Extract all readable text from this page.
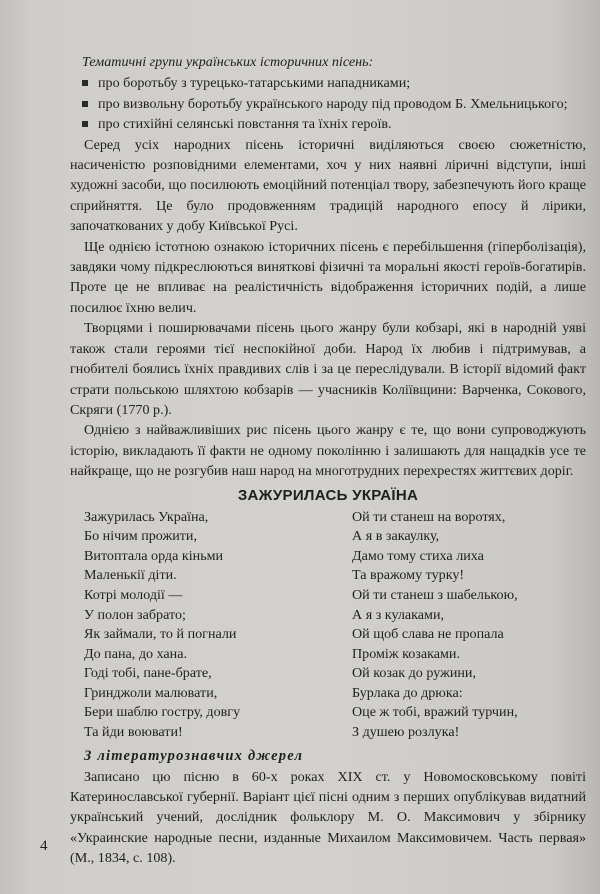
Тематичні групи українських історичних пісень:
про боротьбу з турецько-татарськими нападниками;
про визвольну боротьбу українського народу під проводом Б. Хмельницького;
про стихійні селянські повстання та їхніх героїв.

Серед усіх народних пісень історичні виділяються своєю сюжетністю, насиченістю розповідними елементами, хоч у них наявні ліричні відступи, інші художні засоби, що посилюють емоційний потенціал твору, забезпечують його краще сприйняття. Це було продовженням традицій народного епосу й лірики, започаткованих у добу Київської Русі.

Ще однією істотною ознакою історичних пісень є перебільшення (гіперболізація), завдяки чому підкреслюються виняткові фізичні та моральні якості героїв-богатирів. Проте це не впливає на реалістичність відображення історичних подій, а лише посилює їхню велич.

Творцями і поширювачами пісень цього жанру були кобзарі, які в народній уяві також стали героями тієї неспокійної доби. Народ їх любив і підтримував, а гнобителі боялись їхніх правдивих слів і за це переслідували. В історії відомий факт страти польською шляхтою кобзарів — учасників Коліївщини: Варченка, Сокового, Скряги (1770 р.).

Однією з найважливіших рис пісень цього жанру є те, що вони супроводжують історію, викладають її факти не одному поколінню і залишають для нащадків усе те найкраще, що не розгубив наш народ на многотрудних перехрестях життєвих доріг.

ЗАЖУРИЛАСЬ УКРАЇНА
Зажурилась Україна,
Бо нічим прожити,
Витоптала орда кіньми
Маленькії діти.
Котрі молодії —
У полон забрато;
Як займали, то й погнали
До пана, до хана.
Годі тобі, пане-брате,
Гринджоли малювати,
Бери шаблю гостру, довгу
Та йди воювати!
Ой ти станеш на воротях,
А я в закаулку,
Дамо тому стиха лиха
Та вражому турку!
Ой ти станеш з шабелькою,
А я з кулаками,
Ой щоб слава не пропала
Проміж козаками.
Ой козак до ружини,
Бурлака до дрюка:
Оце ж тобі, вражий турчин,
З душею розлука!
З літературознавчих джерел

Записано цю пісню в 60-х роках XIX ст. у Новомосковському повіті Катеринославської губернії. Варіант цієї пісні одним з перших опублікував видатний український учений, дослідник фольклору М. О. Максимович у збірнику «Украинские народные песни, изданные Михаилом Максимовичем. Часть первая» (М., 1834, с. 108).

4
